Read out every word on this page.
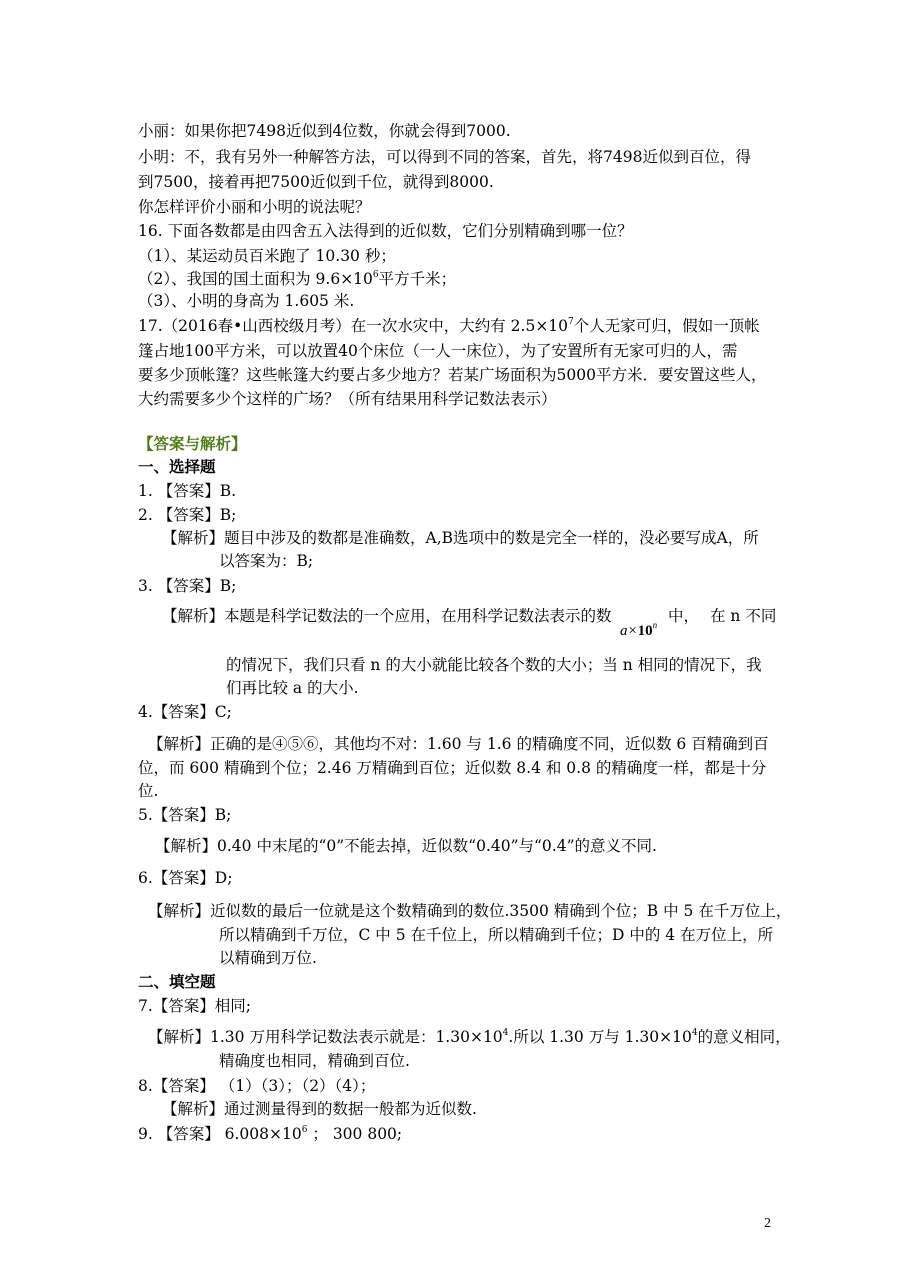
小丽：如果你把7498近似到4位数，你就会得到7000.
小明：不，我有另外一种解答方法，可以得到不同的答案，首先，将7498近似到百位，得
到7500，接着再把7500近似到千位，就得到8000.
你怎样评价小丽和小明的说法呢？
16. 下面各数都是由四舍五入法得到的近似数，它们分别精确到哪一位？
（1）、某运动员百米跑了 10.30 秒；
（2）、我国的国土面积为 $9.6\times 10^6$平方千米；
（3）、小明的身高为 1.605 米.
17.（2016春•山西校级月考）在一次水灾中，大约有 $2.5\times 10^7$个人无家可归，假如一顶帐
篷占地100平方米，可以放置40个床位（一人一床位），为了安置所有无家可归的人，需
要多少顶帐篷？这些帐篷大约要占多少地方？若某广场面积为5000平方米．要安置这些人，
大约需要多少个这样的广场？（所有结果用科学记数法表示）
【答案与解析】
一、选择题
1. 【答案】B.
2. 【答案】B;
【解析】题目中涉及的数都是准确数，A,B选项中的数是完全一样的，没必要写成A，所
以答案为：B;
3. 【答案】B;
【解析】本题是科学记数法的一个应用，在用科学记数法表示的数
$a\times 10^n$ 中， 在 n 不同
的情况下，我们只看 n 的大小就能比较各个数的大小；当 n 相同的情况下，我
们再比较 a 的大小.
4.【答案】C;
【解析】正确的是④⑤⑥，其他均不对：1.60 与 1.6 的精确度不同，近似数 6 百精确到百
位，而 600 精确到个位；2.46 万精确到百位；近似数 8.4 和 0.8 的精确度一样，都是十分
位.
5.【答案】B;
【解析】0.40 中末尾的“0”不能去掉，近似数“0.40”与“0.4”的意义不同.
6.【答案】D;
【解析】近似数的最后一位就是这个数精确到的数位.3500 精确到个位；B 中 5 在千万位上，
所以精确到千万位，C 中 5 在千位上，所以精确到千位；D 中的 4 在万位上，所
以精确到万位.
二、填空题
7.【答案】相同;
【解析】1.30 万用科学记数法表示就是：$1.30\times 10^4$.所以 1.30 万与 $1.30\times 10^4$的意义相同，
精确度也相同，精确到百位.
8.【答案】 （1）（3）；（2）（4）；
【解析】通过测量得到的数据一般都为近似数.
9. 【答案】 $6.008\times 10^6$ ； 300 800;
2
